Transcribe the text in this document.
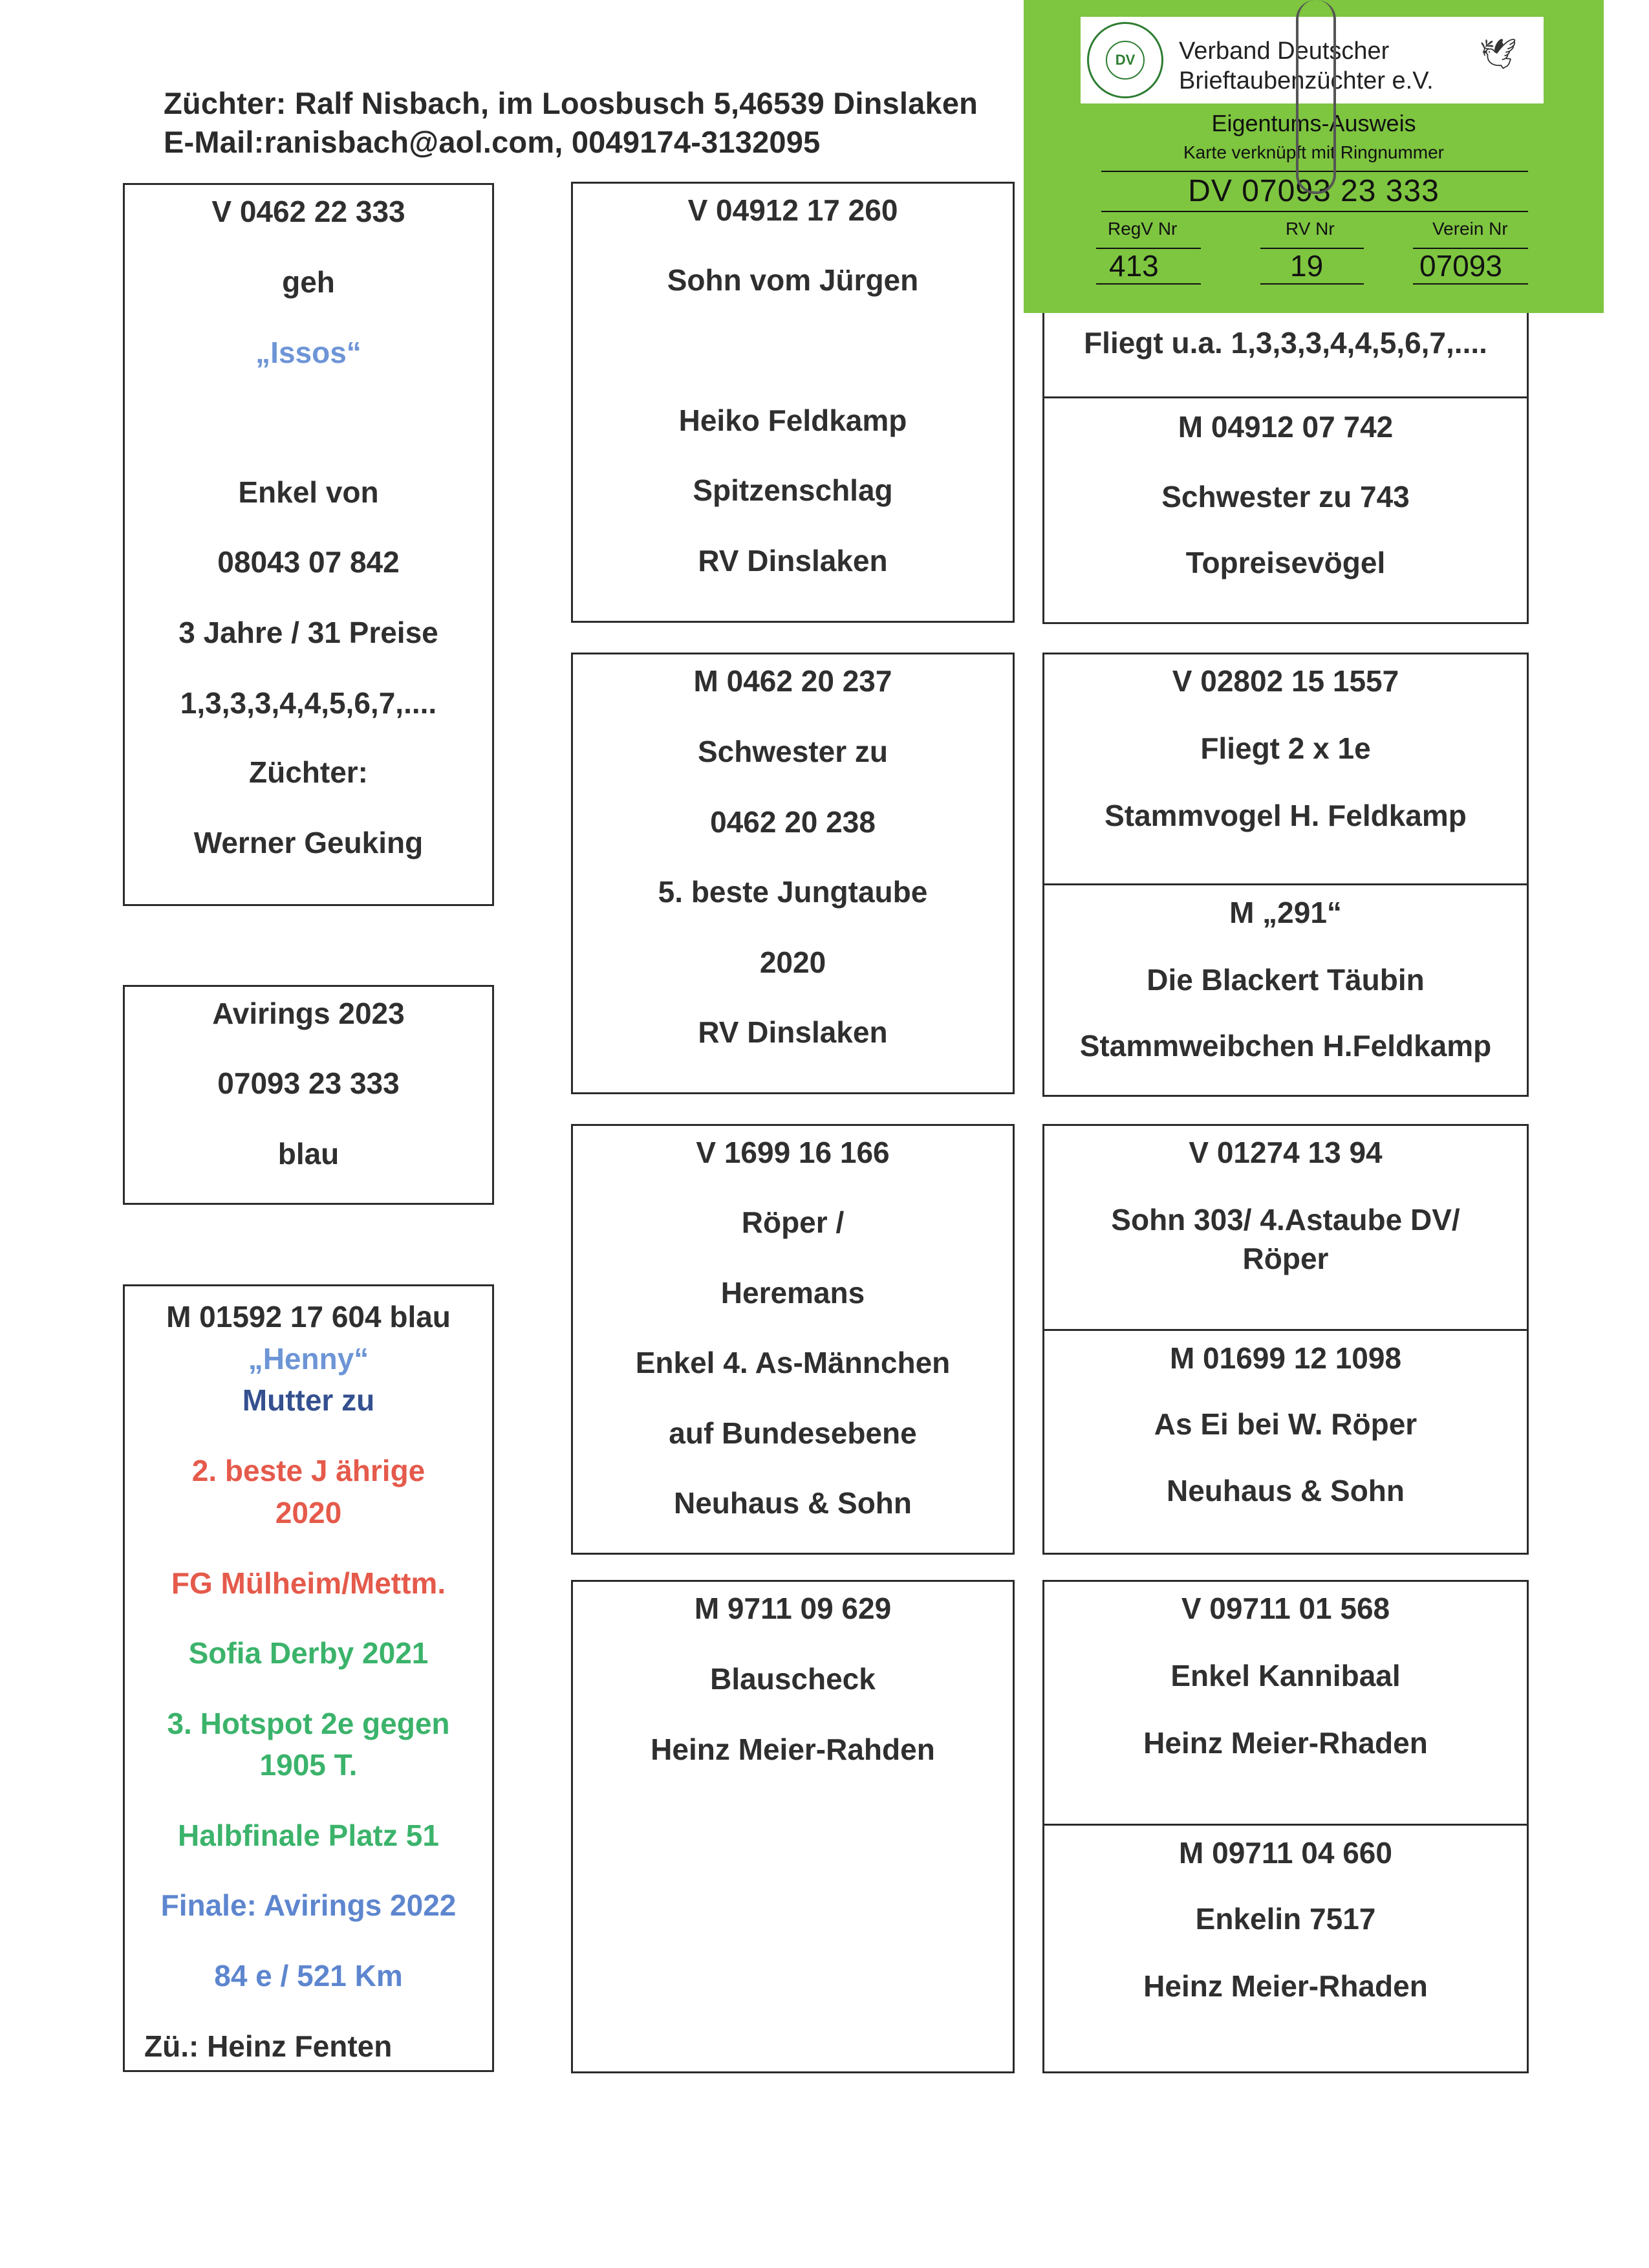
Züchter: Ralf Nisbach, im Loosbusch 5,46539 Dinslaken
E-Mail:ranisbach@aol.com, 0049174-3132095
V 0462 22 333
geh
„Issos“
Enkel von
08043 07 842
3 Jahre / 31 Preise
1,3,3,3,4,4,5,6,7,....
Züchter:
Werner Geuking
Avirings 2023
07093 23 333
blau
M 01592 17 604 blau
„Henny“
Mutter zu
2. beste J ährige
2020
FG Mülheim/Mettm.
Sofia Derby 2021
3. Hotspot 2e gegen
1905 T.
Halbfinale Platz 51
Finale: Avirings 2022
84 e / 521 Km
Zü.: Heinz Fenten
V 04912 17 260
Sohn vom Jürgen
Heiko Feldkamp
Spitzenschlag
RV Dinslaken
M 0462 20 237
Schwester zu
0462 20 238
5. beste Jungtaube
2020
RV Dinslaken
V 1699 16 166
Röper /
Heremans
Enkel 4. As-Männchen
auf Bundesebene
Neuhaus & Sohn
M 9711 09 629
Blauscheck
Heinz Meier-Rahden
Fliegt u.a. 1,3,3,3,4,4,5,6,7,....
M 04912 07 742
Schwester zu 743
Topreisevögel
V 02802 15 1557
Fliegt 2 x 1e
Stammvogel H. Feldkamp
M „291“
Die Blackert Täubin
Stammweibchen H.Feldkamp
V 01274 13 94
Sohn 303/ 4.Astaube DV/
Röper
M 01699 12 1098
As Ei bei W. Röper
Neuhaus & Sohn
V 09711 01 568
Enkel Kannibaal
Heinz Meier-Rhaden
M 09711 04 660
Enkelin 7517
Heinz Meier-Rhaden
DV	Verband Deutscher
Brieftaubenzüchter e.V.
🕊
Eigentums-Ausweis
Karte verknüpft mit Ringnummer
DV 07093 23 333
RegV Nr	RV Nr	Verein Nr
413	19	07093
